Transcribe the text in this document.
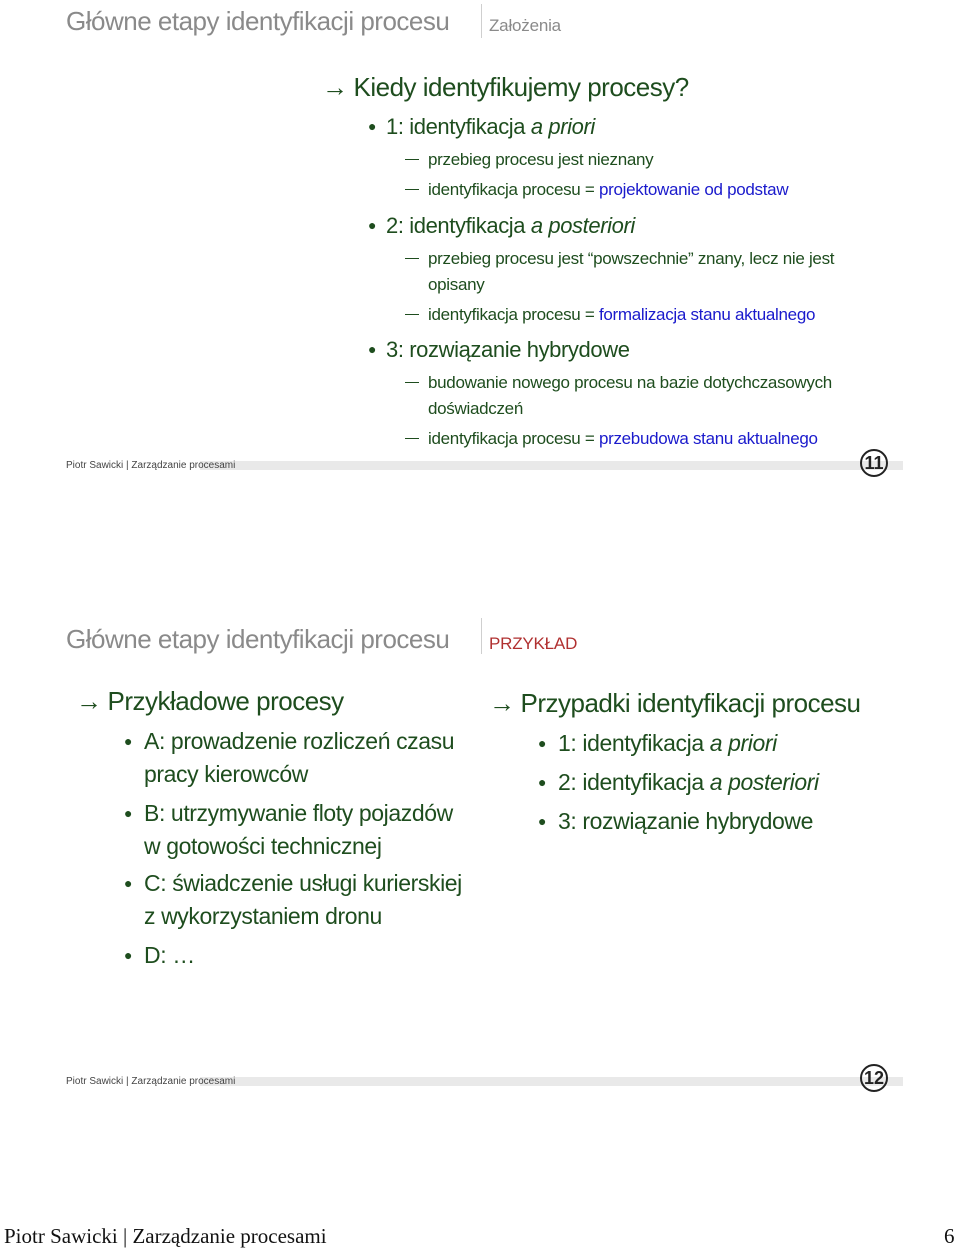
Główne etapy identyfikacji procesu Założenia
→ Kiedy identyfikujemy procesy?
● 1: identyfikacja a priori
przebieg procesu jest nieznany
identyfikacja procesu = projektowanie od podstaw
● 2: identyfikacja a posteriori
przebieg procesu jest “powszechnie” znany, lecz nie jest opisany
identyfikacja procesu = formalizacja stanu aktualnego
● 3: rozwiązanie hybrydowe
budowanie nowego procesu na bazie dotychczasowych doświadczeń
identyfikacja procesu = przebudowa stanu aktualnego
Piotr Sawicki | Zarządzanie procesami	11
Główne etapy identyfikacji procesu PRZYKŁAD
→ Przykładowe procesy
● A: prowadzenie rozliczeń czasu pracy kierowców
● B: utrzymywanie floty pojazdów w gotowości technicznej
● C: świadczenie usługi kurierskiej z wykorzystaniem dronu
● D: …
→ Przypadki identyfikacji procesu
● 1: identyfikacja a priori
● 2: identyfikacja a posteriori
● 3: rozwiązanie hybrydowe
Piotr Sawicki | Zarządzanie procesami	12
Piotr Sawicki | Zarządzanie procesami	6
